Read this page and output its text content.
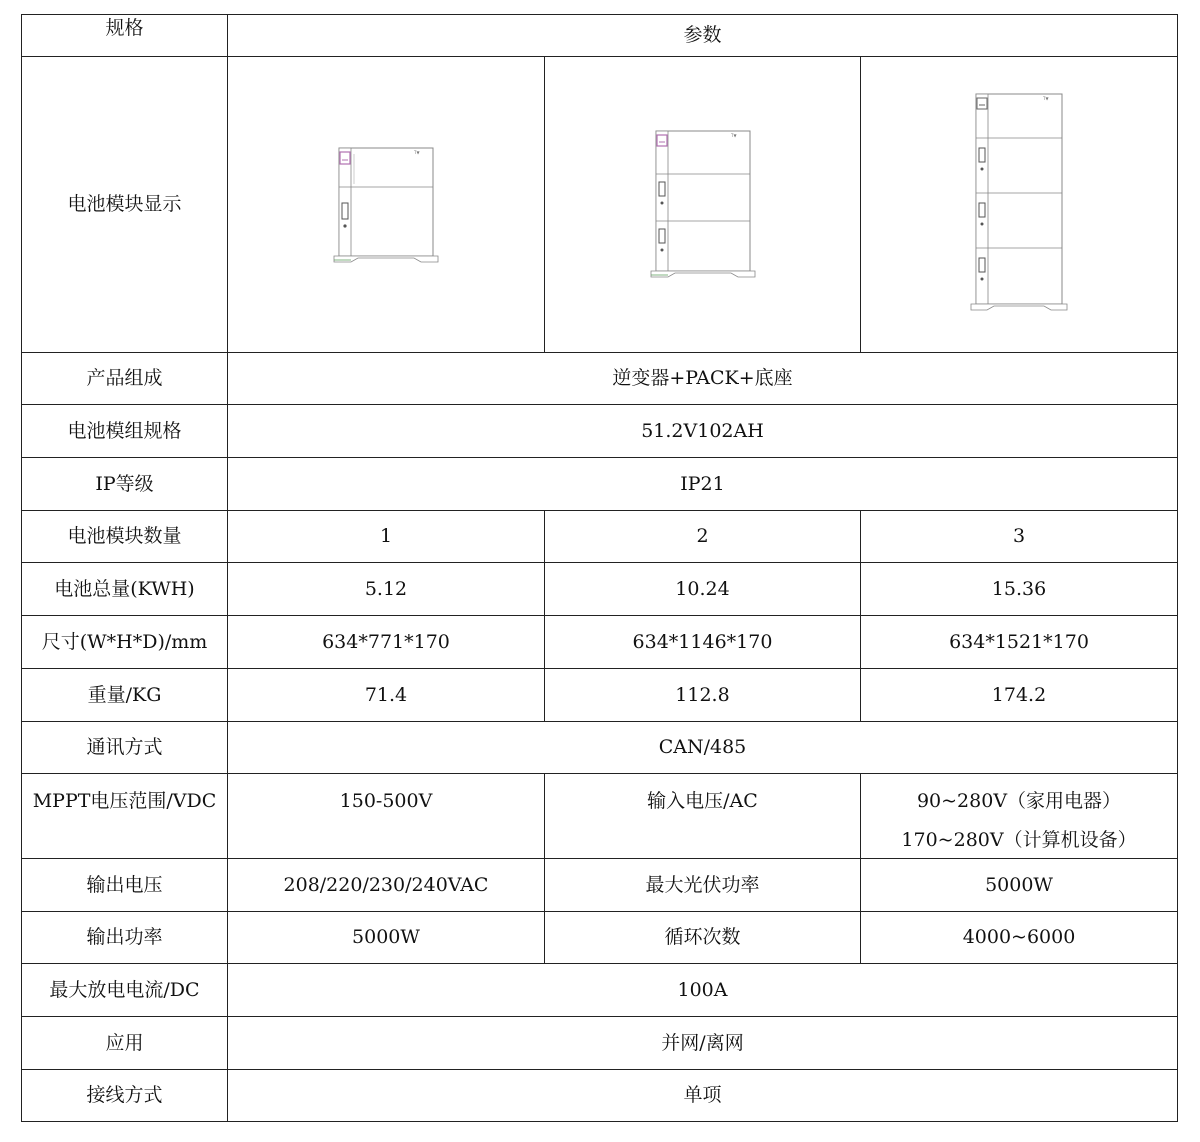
规格	参数		
电池模块显示	T▼	T▼	T▼

产品组成	逆变器+PACK+底座		
电池模组规格	51.2V102AH		
IP等级	IP21		
电池模块数量	1	2	3
电池总量(KWH)	5.12	10.24	15.36
尺寸(W*H*D)/mm	634*771*170	634*1146*170	634*1521*170
重量/KG	71.4	112.8	174.2
通讯方式	CAN/485		
MPPT电压范围/VDC	150-500V	输入电压/AC	90~280V（家用电器）
170~280V（计算机设备）

输出电压	208/220/230/240VAC	最大光伏功率	5000W
输出功率	5000W	循环次数	4000~6000
最大放电电流/DC	100A		
应用	并网/离网		
接线方式	单项		
